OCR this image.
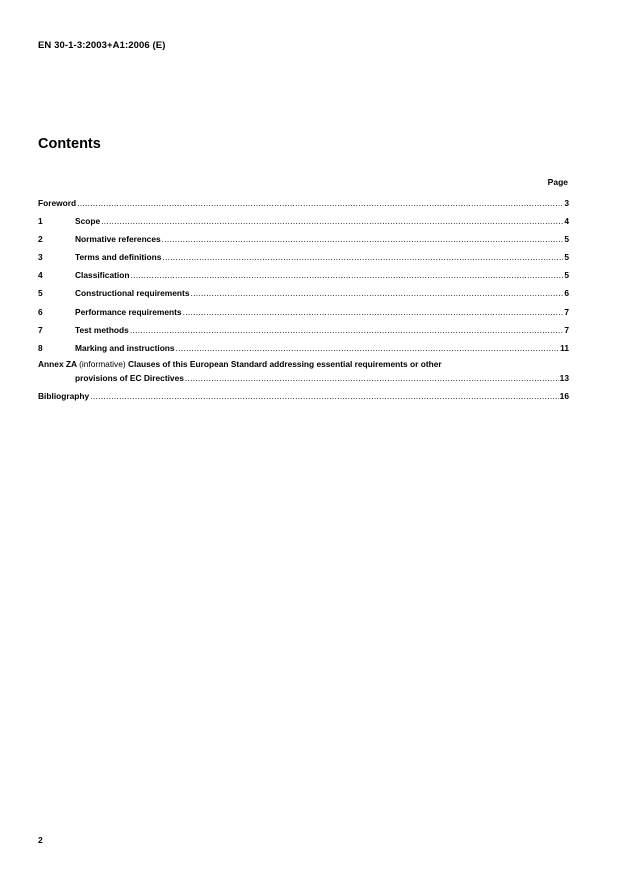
EN 30-1-3:2003+A1:2006 (E)
Contents
Page
Foreword .....	3
1	Scope .....	4
2	Normative references .....	5
3	Terms and definitions .....	5
4	Classification .....	5
5	Constructional requirements .....	6
6	Performance requirements .....	7
7	Test methods .....	7
8	Marking and instructions .....	11
Annex ZA (informative) Clauses of this European Standard addressing essential requirements or other
provisions of EC Directives .....	13
Bibliography .....	16
2
